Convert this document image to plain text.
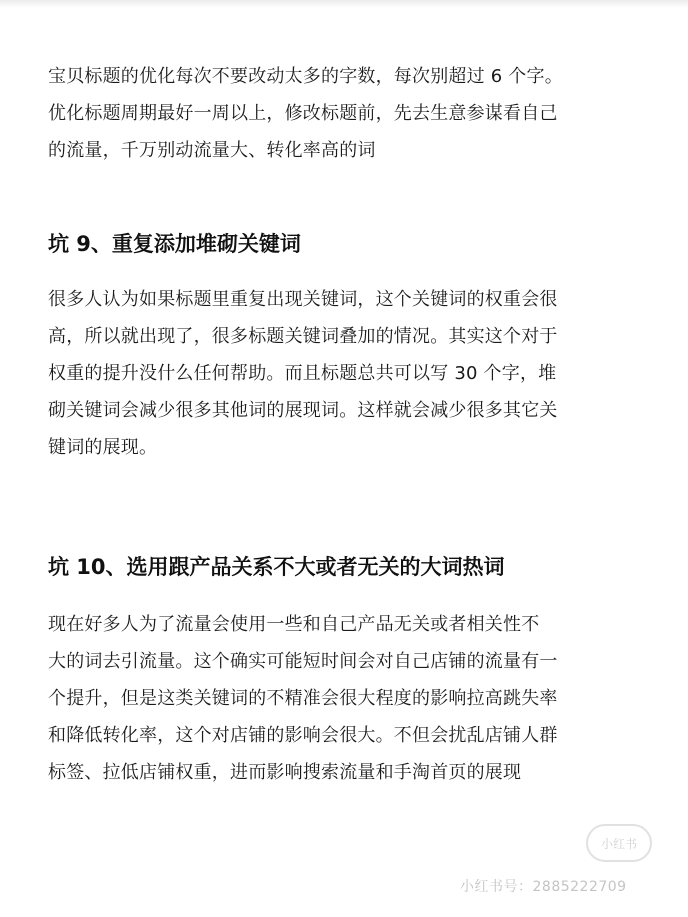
宝贝标题的优化每次不要改动太多的字数，每次别超过 6 个字。

优化标题周期最好一周以上，修改标题前，先去生意参谋看自己

的流量，千万别动流量大、转化率高的词

坑 9、重复添加堆砌关键词

很多人认为如果标题里重复出现关键词，这个关键词的权重会很

高，所以就出现了，很多标题关键词叠加的情况。其实这个对于

权重的提升没什么任何帮助。而且标题总共可以写 30 个字，堆

砌关键词会减少很多其他词的展现词。这样就会减少很多其它关

键词的展现。

坑 10、选用跟产品关系不大或者无关的大词热词

现在好多人为了流量会使用一些和自己产品无关或者相关性不

大的词去引流量。这个确实可能短时间会对自己店铺的流量有一

个提升，但是这类关键词的不精准会很大程度的影响拉高跳失率

和降低转化率，这个对店铺的影响会很大。不但会扰乱店铺人群

标签、拉低店铺权重，进而影响搜索流量和手淘首页的展现

小红书
小红书号：2885222709
